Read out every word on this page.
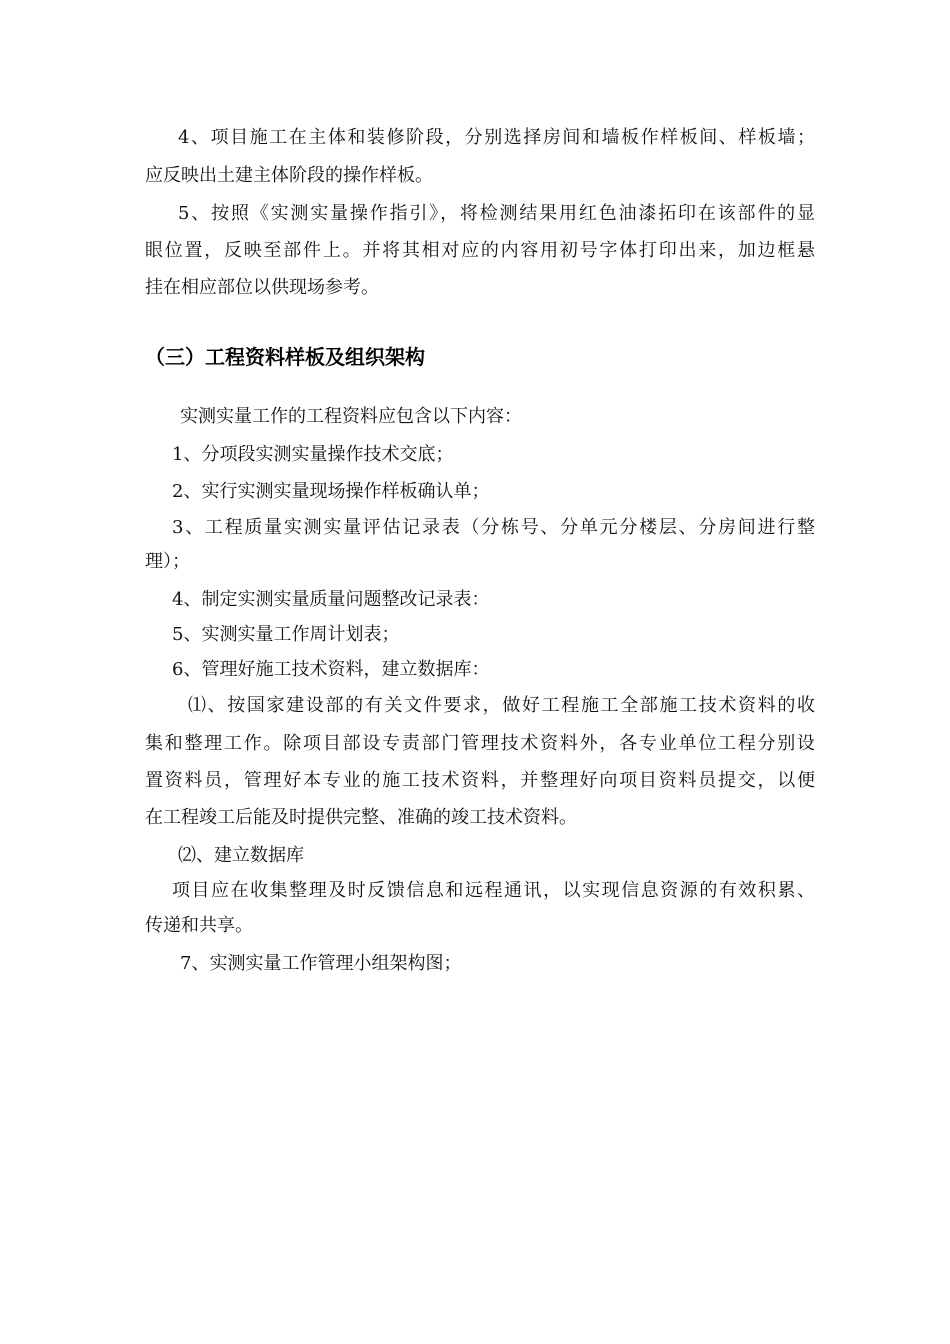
4、项目施工在主体和装修阶段，分别选择房间和墙板作样板间、样板墙；
应反映出土建主体阶段的操作样板。
5、按照《实测实量操作指引》，将检测结果用红色油漆拓印在该部件的显
眼位置，反映至部件上。并将其相对应的内容用初号字体打印出来，加边框悬
挂在相应部位以供现场参考。
（三）工程资料样板及组织架构
实测实量工作的工程资料应包含以下内容：
1、分项段实测实量操作技术交底；
2、实行实测实量现场操作样板确认单；
3、工程质量实测实量评估记录表（分栋号、分单元分楼层、分房间进行整
理）；
4、制定实测实量质量问题整改记录表：
5、实测实量工作周计划表；
6、管理好施工技术资料，建立数据库：
⑴、按国家建设部的有关文件要求，做好工程施工全部施工技术资料的收
集和整理工作。除项目部设专责部门管理技术资料外，各专业单位工程分别设
置资料员，管理好本专业的施工技术资料，并整理好向项目资料员提交，以便
在工程竣工后能及时提供完整、准确的竣工技术资料。
⑵、建立数据库
项目应在收集整理及时反馈信息和远程通讯，以实现信息资源的有效积累、
传递和共享。
7、实测实量工作管理小组架构图；
